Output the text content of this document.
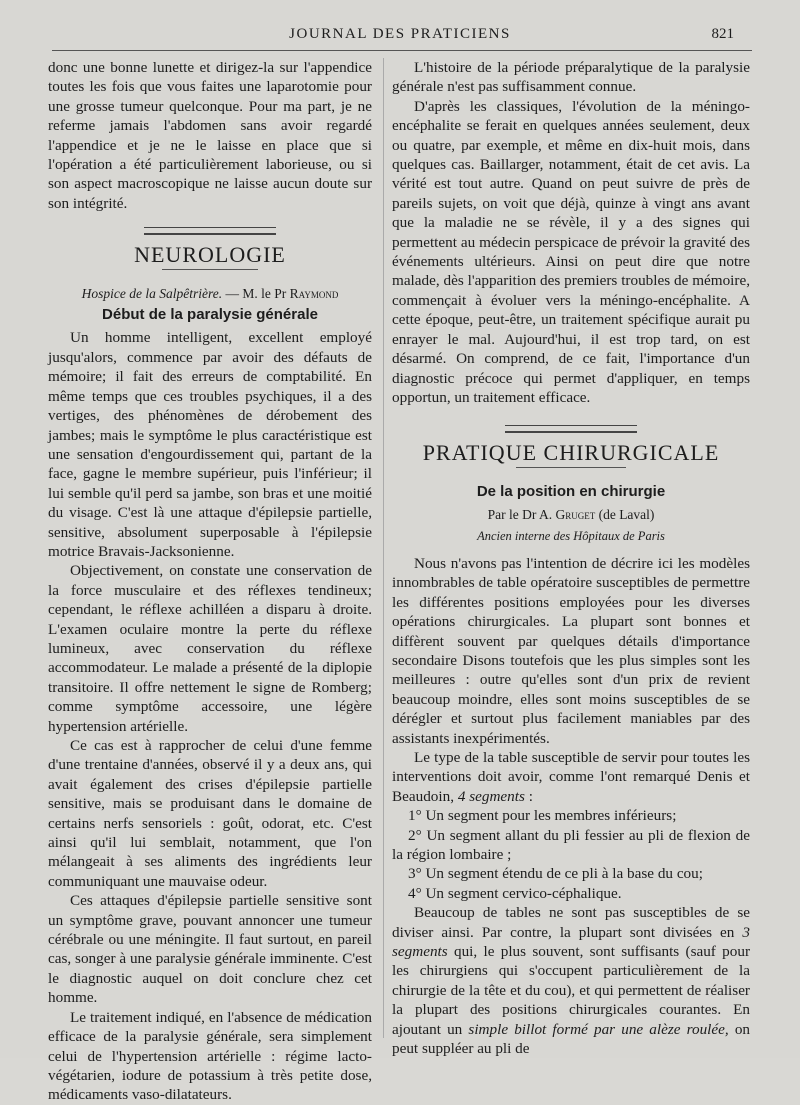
JOURNAL DES PRATICIENS	821

donc une bonne lunette et dirigez-la sur l'appendice toutes les fois que vous faites une laparotomie pour une grosse tumeur quelconque. Pour ma part, je ne referme jamais l'abdomen sans avoir regardé l'appendice et je ne le laisse en place que si l'opération a été particulièrement laborieuse, ou si son aspect macroscopique ne laisse aucun doute sur son intégrité.

NEUROLOGIE
Hospice de la Salpêtrière. — M. le Pr Raymond
Début de la paralysie générale

Un homme intelligent, excellent employé jusqu'alors, commence par avoir des défauts de mémoire; il fait des erreurs de comptabilité. En même temps que ces troubles psychiques, il a des vertiges, des phénomènes de dérobement des jambes; mais le symptôme le plus caractéristique est une sensation d'engourdissement qui, partant de la face, gagne le membre supérieur, puis l'inférieur; il lui semble qu'il perd sa jambe, son bras et une moitié du visage. C'est là une attaque d'épilepsie partielle, sensitive, absolument superposable à l'épilepsie motrice Bravais-Jacksonienne.

Objectivement, on constate une conservation de la force musculaire et des réflexes tendineux; cependant, le réflexe achilléen a disparu à droite. L'examen oculaire montre la perte du réflexe lumineux, avec conservation du réflexe accommodateur. Le malade a présenté de la diplopie transitoire. Il offre nettement le signe de Romberg; comme symptôme accessoire, une légère hypertension artérielle.

Ce cas est à rapprocher de celui d'une femme d'une trentaine d'années, observé il y a deux ans, qui avait également des crises d'épilepsie partielle sensitive, mais se produisant dans le domaine de certains nerfs sensoriels : goût, odorat, etc. C'est ainsi qu'il lui semblait, notamment, que l'on mélangeait à ses aliments des ingrédients leur communiquant une mauvaise odeur.

Ces attaques d'épilepsie partielle sensitive sont un symptôme grave, pouvant annoncer une tumeur cérébrale ou une méningite. Il faut surtout, en pareil cas, songer à une paralysie générale imminente. C'est le diagnostic auquel on doit conclure chez cet homme.

Le traitement indiqué, en l'absence de médication efficace de la paralysie générale, sera simplement celui de l'hypertension artérielle : régime lacto-végétarien, iodure de potassium à très petite dose, médicaments vaso-dilatateurs.

L'histoire de la période préparalytique de la paralysie générale n'est pas suffisamment connue.

D'après les classiques, l'évolution de la méningo-encéphalite se ferait en quelques années seulement, deux ou quatre, par exemple, et même en dix-huit mois, dans quelques cas. Baillarger, notamment, était de cet avis. La vérité est tout autre. Quand on peut suivre de près de pareils sujets, on voit que déjà, quinze à vingt ans avant que la maladie ne se révèle, il y a des signes qui permettent au médecin perspicace de prévoir la gravité des événements ultérieurs. Ainsi on peut dire que notre malade, dès l'apparition des premiers troubles de mémoire, commençait à évoluer vers la méningo-encéphalite. A cette époque, peut-être, un traitement spécifique aurait pu enrayer le mal. Aujourd'hui, il est trop tard, on est désarmé. On comprend, de ce fait, l'importance d'un diagnostic précoce qui permet d'appliquer, en temps opportun, un traitement efficace.

PRATIQUE CHIRURGICALE
De la position en chirurgie
Par le Dr A. Gruget (de Laval)
Ancien interne des Hôpitaux de Paris

Nous n'avons pas l'intention de décrire ici les modèles innombrables de table opératoire susceptibles de permettre les différentes positions employées pour les diverses opérations chirurgicales. La plupart sont bonnes et diffèrent souvent par quelques détails d'importance secondaire Disons toutefois que les plus simples sont les meilleures : outre qu'elles sont d'un prix de revient beaucoup moindre, elles sont moins susceptibles de se dérégler et surtout plus facilement maniables par des assistants inexpérimentés.

Le type de la table susceptible de servir pour toutes les interventions doit avoir, comme l'ont remarqué Denis et Beaudoin, 4 segments :

1° Un segment pour les membres inférieurs;

2° Un segment allant du pli fessier au pli de flexion de la région lombaire ;

3° Un segment étendu de ce pli à la base du cou;

4° Un segment cervico-céphalique.

Beaucoup de tables ne sont pas susceptibles de se diviser ainsi. Par contre, la plupart sont divisées en 3 segments qui, le plus souvent, sont suffisants (sauf pour les chirurgiens qui s'occupent particulièrement de la chirurgie de la tête et du cou), et qui permettent de réaliser la plupart des positions chirurgicales courantes. En ajoutant un simple billot formé par une alèze roulée, on peut suppléer au pli de
